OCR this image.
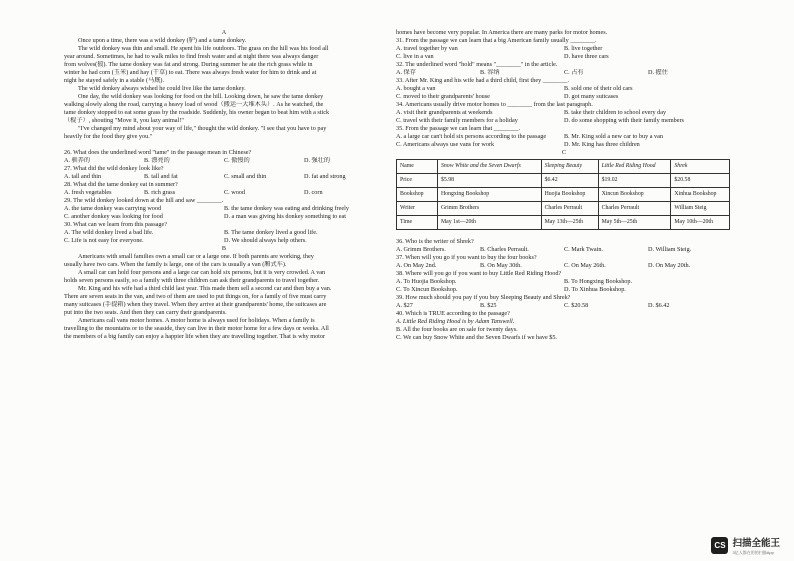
A
Once upon a time, there was a wild donkey (驴) and a tame donkey.
The wild donkey was thin and small. He spent his life outdoors. The grass on the hill was his food all
year around. Sometimes, he had to walk miles to find fresh water and at night there was always danger
from wolves(狼). The tame donkey was fat and strong. During summer he ate the rich grass while in
winter he had corn (玉米) and hay (干草) to eat. There was always fresh water for him to drink and at
night he stayed safely in a stable (马厩).
The wild donkey always wished he could live like the tame donkey.
One day, the wild donkey was looking for food on the hill. Looking down, he saw the tame donkey
walking slowly along the road, carrying a heavy load of wood（搬运一大堆木头）. As he watched, the
tame donkey stopped to eat some grass by the roadside. Suddenly, his owner began to beat him with a stick
（棍子）, shouting "Move it, you lazy animal!"
"I've changed my mind about your way of life," thought the wild donkey. "I see that you have to pay
heavily for the food they give you."
26. What does the underlined word "tame" in the passage mean in Chinese?
A. 驯养的	B. 漂亮的	C. 傲慢的	D. 强壮的
27. What did the wild donkey look like?
A. tall and thin	B. tall and fat	C. small and thin	D. fat and strong
28. What did the tame donkey eat in summer?
A. fresh vegetables	B. rich grass	C. wood	D. corn
29. The wild donkey looked down at the hill and saw ________.
A. the tame donkey was carrying wood	B. the tame donkey was eating and drinking freely
C. another donkey was looking for food	D. a man was giving his donkey something to eat
30. What can we learn from this passage?
A. The wild donkey lived a bad life.	B. The tame donkey lived a good life.
C. Life is not easy for everyone.	D. We should always help others.
B
Americans with small families own a small car or a large one. If both parents are working, they
usually have two cars. When the family is large, one of the cars is usually a van (厢式车).
A small car can hold four persons and a large car can hold six persons, but it is very crowded. A van
holds seven persons easily, so a family with three children can ask their grandparents to travel together.
Mr. King and his wife had a third child last year. This made them sell a second car and then buy a van.
There are seven seats in the van, and two of them are used to put things on, for a family of five must carry
many suitcases (手提箱) when they travel. When they arrive at their grandparents' home, the suitcases are
put into the two seats. And then they can carry their grandparents.
Americans call vans motor homes. A motor home is always used for holidays. When a family is
travelling to the mountains or to the seaside, they can live in their motor home for a few days or weeks. All
the members of a big family can enjoy a happier life when they are travelling together. That is why motor
homes have become very popular. In America there are many parks for motor homes.
31. From the passage we can learn that a big American family usually ________.
A. travel together by van	B. live together
C. live in a van	D. have three cars
32. The underlined word "hold" means "________" in the article.
A. 保存	B. 容纳	C. 占有	D. 握住
33. After Mr. King and his wife had a third child, first they ________.
A. bought a van	B. sold one of their old cars
C. moved to their grandparents' house	D. got many suitcases
34. Americans usually drive motor homes to ________ from the last paragraph.
A. visit their grandparents at weekends	B. take their children to school every day
C. travel with their family members for a holiday	D. do some shopping with their family members
35. From the passage we can learn that ________.
A. a large car can't hold six persons according to the passage	B. Mr. King sold a new car to buy a van
C. Americans always use vans for work	D. Mr. King has three children
C
Name	Snow White and the Seven Dwarfs	Sleeping Beauty	Little Red Riding Hood	Shrek
Price	$5.98	$6.42	$19.02	$20.58
Bookshop	Hongxing Bookshop	Huojia Bookshop	Xincun Bookshop	Xinhua Bookshop
Writer	Grimm Brothers	Charles Perrault	Charles Perrault	William Steig
Time	May 1st—20th	May 13th—25th	May 5th—25th	May 10th—20th
36. Who is the writer of Shrek?
A. Grimm Brothers.	B. Charles Perrault.	C. Mark Twain.	D. William Steig.
37. When will you go if you want to buy the four books?
A. On May 2nd.	B. On May 30th.	C. On May 26th.	D. On May 20th.
38. Where will you go if you want to buy Little Red Riding Hood?
A. To Huojia Bookshop.	B. To Hongxing Bookshop.
C. To Xincun Bookshop.	D. To Xinhua Bookshop.
39. How much should you pay if you buy Sleeping Beauty and Shrek?
A. $27	B. $25	C. $20.58	D. $6.42
40. Which is TRUE according to the passage?
A. Little Red Riding Hood is by Adam Tanswell.
B. All the four books are on sale for twenty days.
C. We can buy Snow White and the Seven Dwarfs if we have $5.
CS 扫描全能王
3亿人都在用的扫描App
